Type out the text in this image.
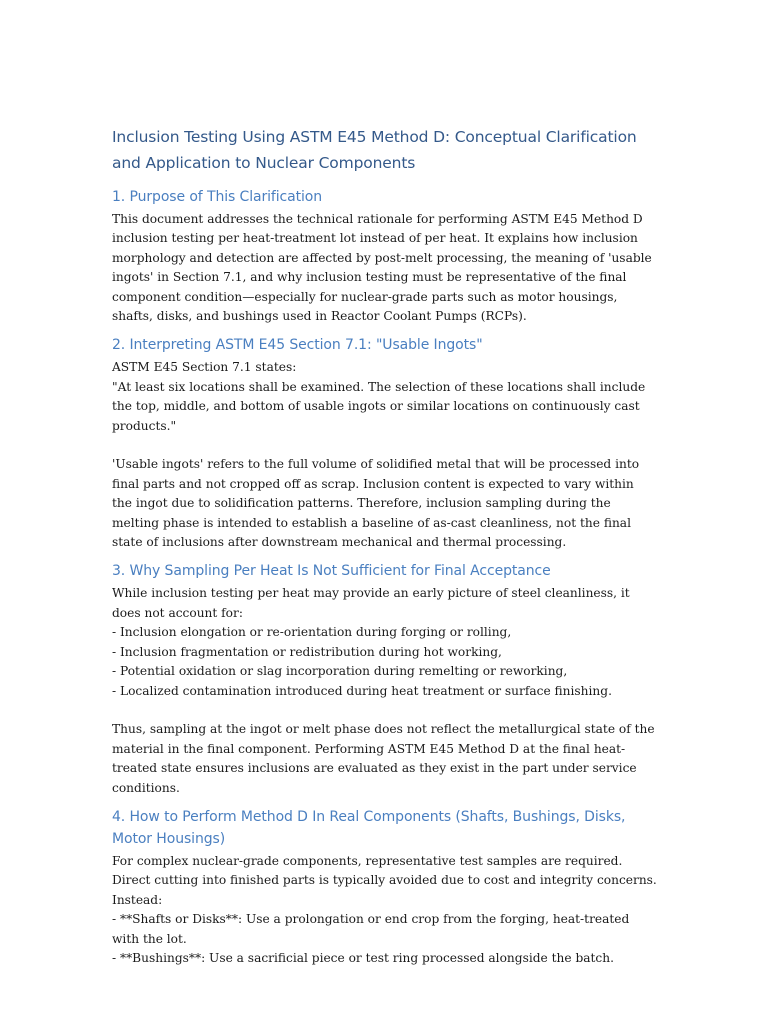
Inclusion Testing Using ASTM E45 Method D: Conceptual Clarification and Application to Nuclear Components
1. Purpose of This Clarification

This document addresses the technical rationale for performing ASTM E45 Method D inclusion testing per heat-treatment lot instead of per heat. It explains how inclusion morphology and detection are affected by post-melt processing, the meaning of 'usable ingots' in Section 7.1, and why inclusion testing must be representative of the final component condition—especially for nuclear-grade parts such as motor housings, shafts, disks, and bushings used in Reactor Coolant Pumps (RCPs).

2. Interpreting ASTM E45 Section 7.1: "Usable Ingots"
ASTM E45 Section 7.1 states:
"At least six locations shall be examined. The selection of these locations shall include the top, middle, and bottom of usable ingots or similar locations on continuously cast products."

'Usable ingots' refers to the full volume of solidified metal that will be processed into final parts and not cropped off as scrap. Inclusion content is expected to vary within the ingot due to solidification patterns. Therefore, inclusion sampling during the melting phase is intended to establish a baseline of as-cast cleanliness, not the final state of inclusions after downstream mechanical and thermal processing.

3. Why Sampling Per Heat Is Not Sufficient for Final Acceptance

While inclusion testing per heat may provide an early picture of steel cleanliness, it does not account for:

- Inclusion elongation or re-orientation during forging or rolling,
- Inclusion fragmentation or redistribution during hot working,
- Potential oxidation or slag incorporation during remelting or reworking,
- Localized contamination introduced during heat treatment or surface finishing.

Thus, sampling at the ingot or melt phase does not reflect the metallurgical state of the material in the final component. Performing ASTM E45 Method D at the final heat-treated state ensures inclusions are evaluated as they exist in the part under service conditions.

4. How to Perform Method D In Real Components (Shafts, Bushings, Disks, Motor Housings)

For complex nuclear-grade components, representative test samples are required. Direct cutting into finished parts is typically avoided due to cost and integrity concerns. Instead:

- **Shafts or Disks**: Use a prolongation or end crop from the forging, heat-treated with the lot.
- **Bushings**: Use a sacrificial piece or test ring processed alongside the batch.
